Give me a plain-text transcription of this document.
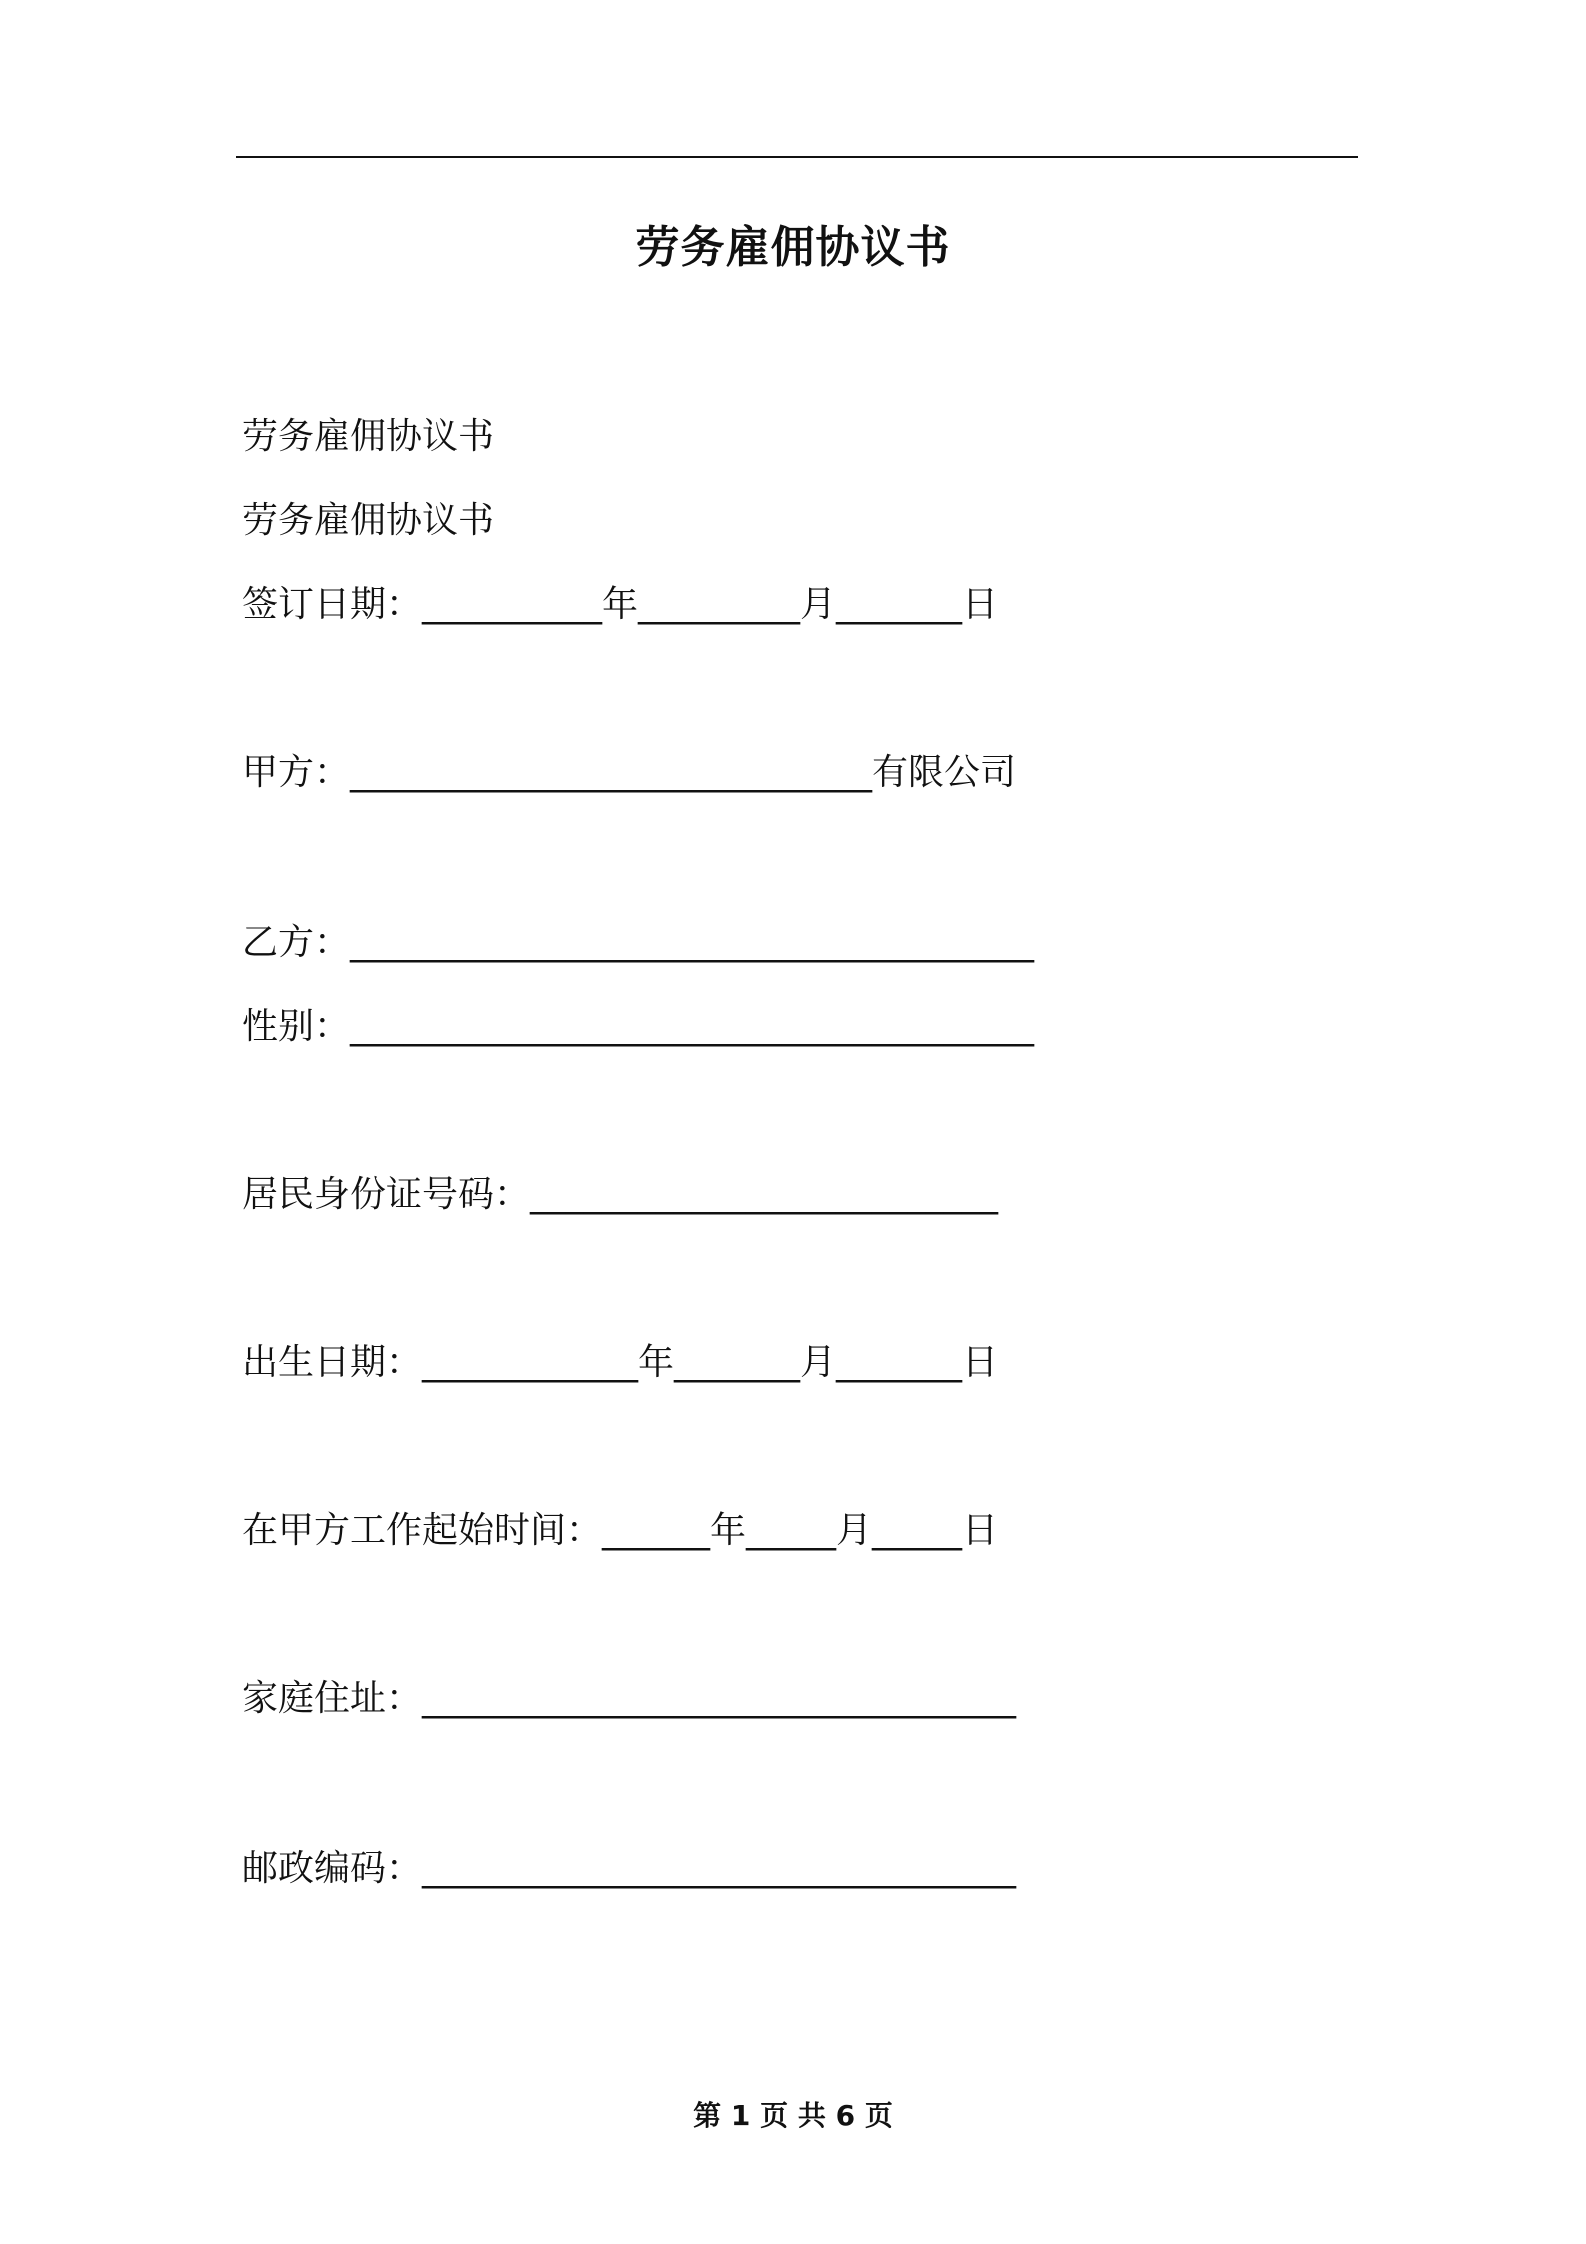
劳务雇佣协议书
劳务雇佣协议书
劳务雇佣协议书
签订日期：__________年_________月_______日
甲方：_____________________________有限公司
乙方：______________________________________
性别：______________________________________
居民身份证号码：__________________________
出生日期：____________年_______月_______日
在甲方工作起始时间：______年_____月_____日
家庭住址：_________________________________
邮政编码：_________________________________
第 1 页 共 6 页
